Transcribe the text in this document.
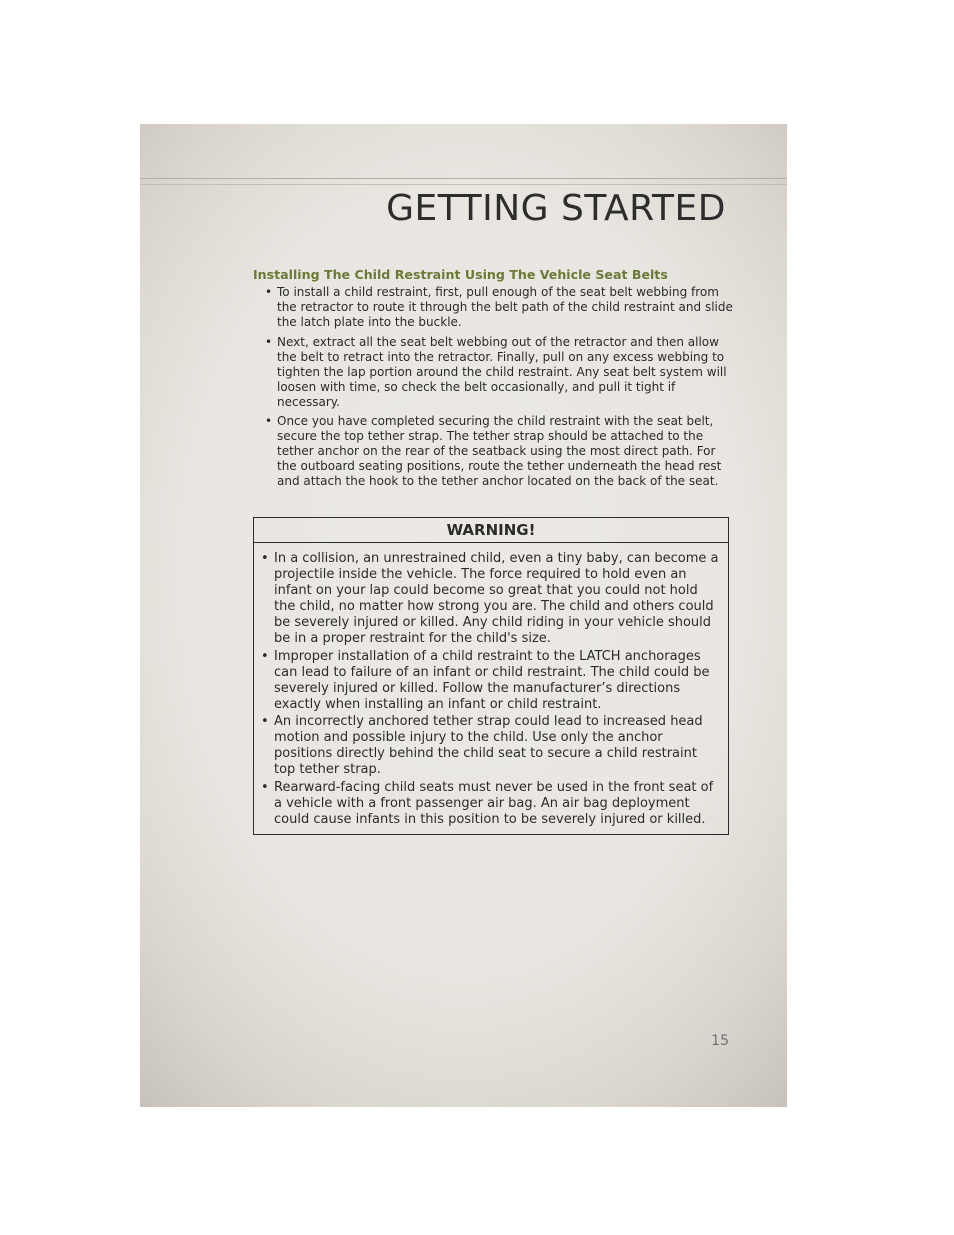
GETTING STARTED
Installing The Child Restraint Using The Vehicle Seat Belts
• To install a child restraint, first, pull enough of the seat belt webbing from the retractor to route it through the belt path of the child restraint and slide the latch plate into the buckle.
• Next, extract all the seat belt webbing out of the retractor and then allow the belt to retract into the retractor. Finally, pull on any excess webbing to tighten the lap portion around the child restraint. Any seat belt system will loosen with time, so check the belt occasionally, and pull it tight if necessary.
• Once you have completed securing the child restraint with the seat belt, secure the top tether strap. The tether strap should be attached to the tether anchor on the rear of the seatback using the most direct path. For the outboard seating positions, route the tether underneath the head rest and attach the hook to the tether anchor located on the back of the seat.
WARNING!
• In a collision, an unrestrained child, even a tiny baby, can become a projectile inside the vehicle. The force required to hold even an infant on your lap could become so great that you could not hold the child, no matter how strong you are. The child and others could be severely injured or killed. Any child riding in your vehicle should be in a proper restraint for the child's size.
• Improper installation of a child restraint to the LATCH anchorages can lead to failure of an infant or child restraint. The child could be severely injured or killed. Follow the manufacturer’s directions exactly when installing an infant or child restraint.
• An incorrectly anchored tether strap could lead to increased head motion and possible injury to the child. Use only the anchor positions directly behind the child seat to secure a child restraint top tether strap.
• Rearward-facing child seats must never be used in the front seat of a vehicle with a front passenger air bag. An air bag deployment could cause infants in this position to be severely injured or killed.
15
